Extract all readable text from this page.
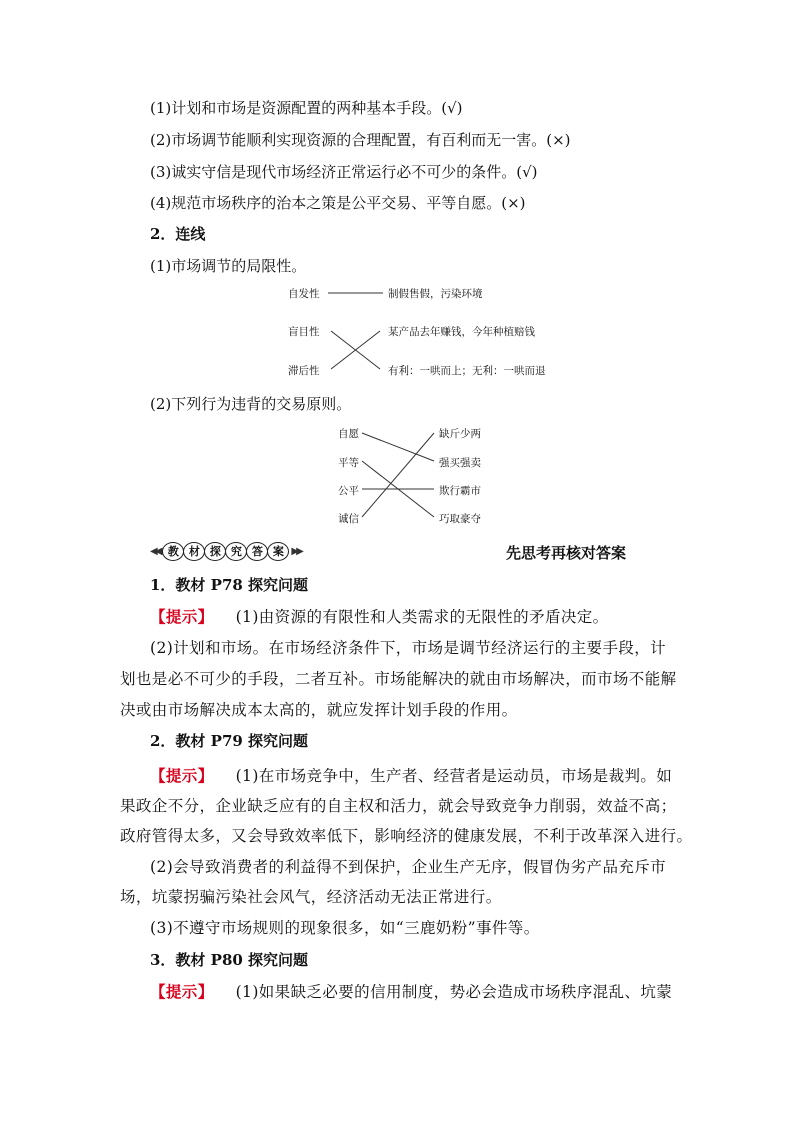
(1)计划和市场是资源配置的两种基本手段。(√)
(2)市场调节能顺利实现资源的合理配置，有百利而无一害。(×)
(3)诚实守信是现代市场经济正常运行必不可少的条件。(√)
(4)规范市场秩序的治本之策是公平交易、平等自愿。(×)
2．连线
(1)市场调节的局限性。
自发性
盲目性
滞后性
制假售假，污染环境
某产品去年赚钱，今年种植赔钱
有利：一哄而上；无利：一哄而退
(2)下列行为违背的交易原则。
自愿
平等
公平
诚信
缺斤少两
强买强卖
欺行霸市
巧取豪夺
◀◀ 教 材 探 究 答 案 ▶▶	先思考再核对答案
1．教材 P78 探究问题
【提示】 (1)由资源的有限性和人类需求的无限性的矛盾决定。
(2)计划和市场。在市场经济条件下，市场是调节经济运行的主要手段，计
划也是必不可少的手段，二者互补。市场能解决的就由市场解决，而市场不能解
决或由市场解决成本太高的，就应发挥计划手段的作用。
2．教材 P79 探究问题
【提示】 (1)在市场竞争中，生产者、经营者是运动员，市场是裁判。如
果政企不分，企业缺乏应有的自主权和活力，就会导致竞争力削弱，效益不高；
政府管得太多，又会导致效率低下，影响经济的健康发展，不利于改革深入进行。
(2)会导致消费者的利益得不到保护，企业生产无序，假冒伪劣产品充斥市
场，坑蒙拐骗污染社会风气，经济活动无法正常进行。
(3)不遵守市场规则的现象很多，如“三鹿奶粉”事件等。
3．教材 P80 探究问题
【提示】 (1)如果缺乏必要的信用制度，势必会造成市场秩序混乱、坑蒙
